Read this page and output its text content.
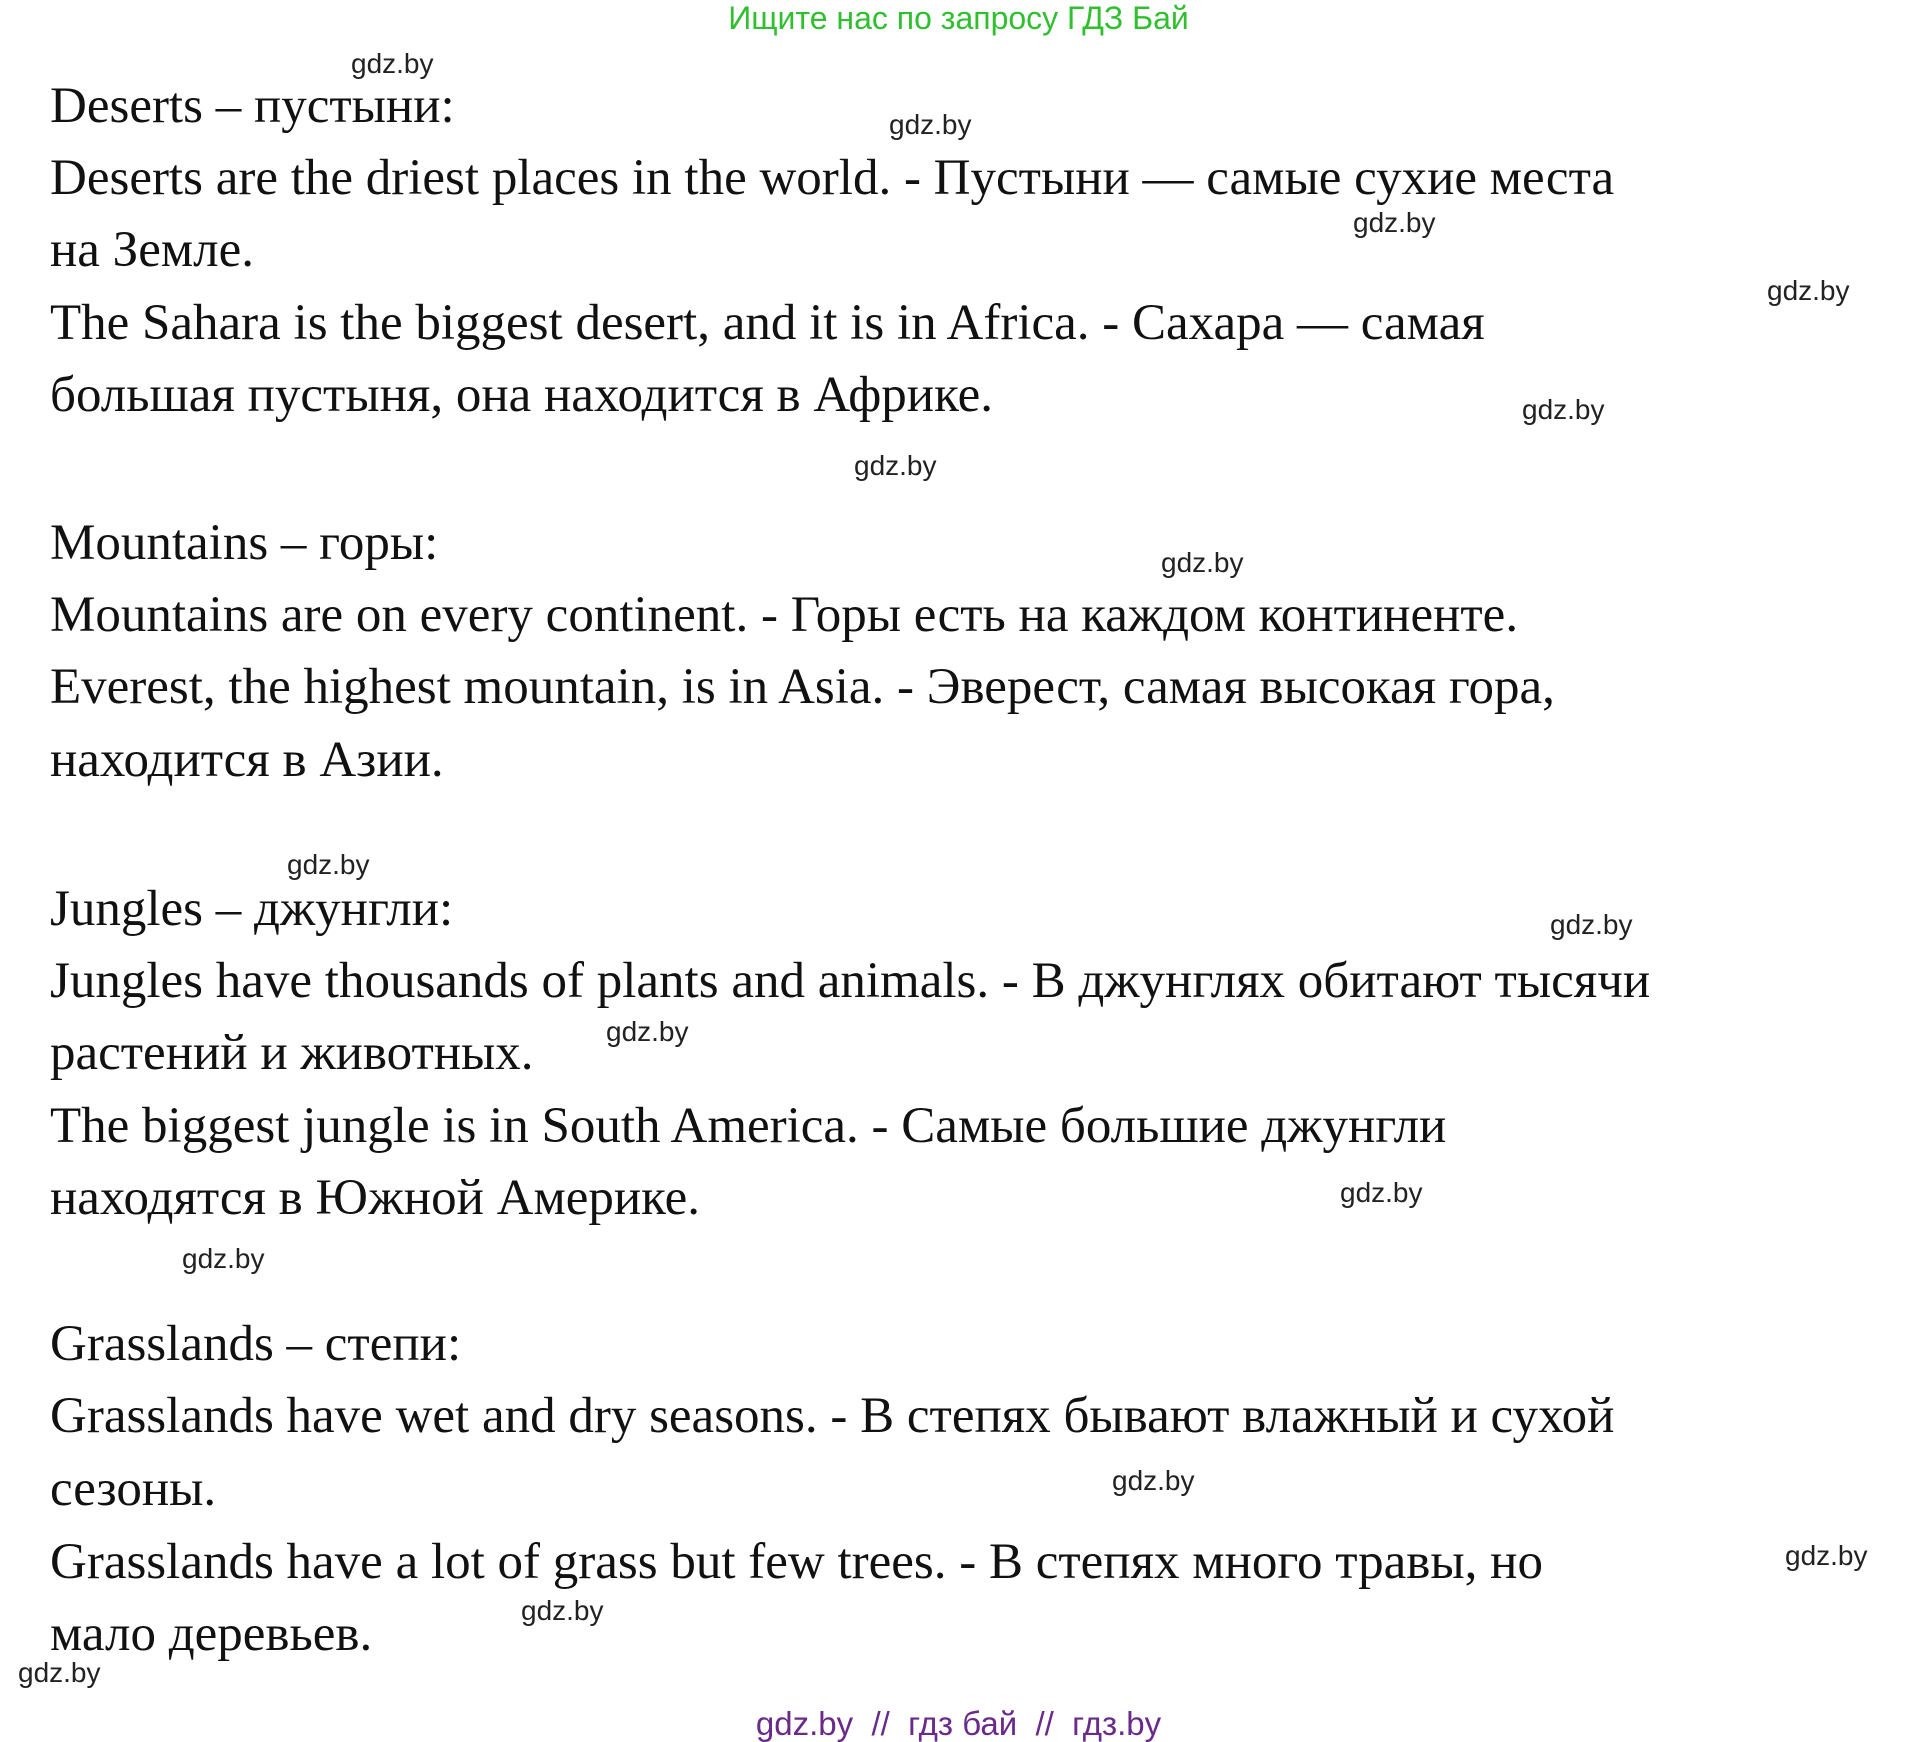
Ищите нас по запросу ГДЗ Бай
Deserts – пустыни:
Deserts are the driest places in the world. - Пустыни — самые сухие места
на Земле.
The Sahara is the biggest desert, and it is in Africa. - Сахара — самая
большая пустыня, она находится в Африке.
Mountains – горы:
Mountains are on every continent. - Горы есть на каждом континенте.
Everest, the highest mountain, is in Asia. - Эверест, самая высокая гора,
находится в Азии.
Jungles – джунгли:
Jungles have thousands of plants and animals. - В джунглях обитают тысячи
растений и животных.
The biggest jungle is in South America. - Самые большие джунгли
находятся в Южной Америке.
Grasslands – степи:
Grasslands have wet and dry seasons. - В степях бывают влажный и сухой
сезоны.
Grasslands have a lot of grass but few trees. - В степях много травы, но
мало деревьев.
gdz.by
gdz.by
gdz.by
gdz.by
gdz.by
gdz.by
gdz.by
gdz.by
gdz.by
gdz.by
gdz.by
gdz.by
gdz.by
gdz.by
gdz.by
gdz.by
gdz.by  //  гдз бай  //  гдз.by
